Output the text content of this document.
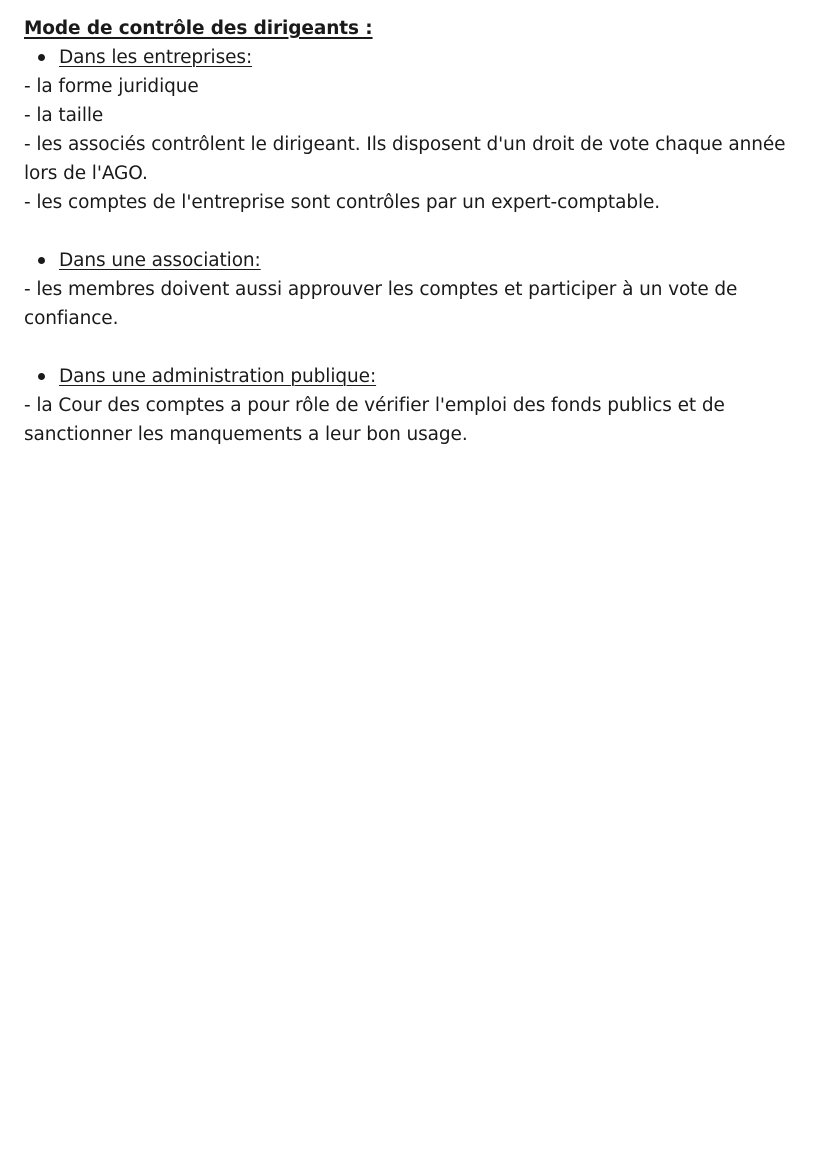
Mode de contrôle des dirigeants :

Dans les entreprises:

- la forme juridique

- la taille

- les associés contrôlent le dirigeant. Ils disposent d'un droit de vote chaque année lors de l'AGO.

- les comptes de l'entreprise sont contrôles par un expert-comptable.

Dans une association:

- les membres doivent aussi approuver les comptes et participer à un vote de confiance.

Dans une administration publique:

- la Cour des comptes a pour rôle de vérifier l'emploi des fonds publics et de sanctionner les manquements a leur bon usage.
